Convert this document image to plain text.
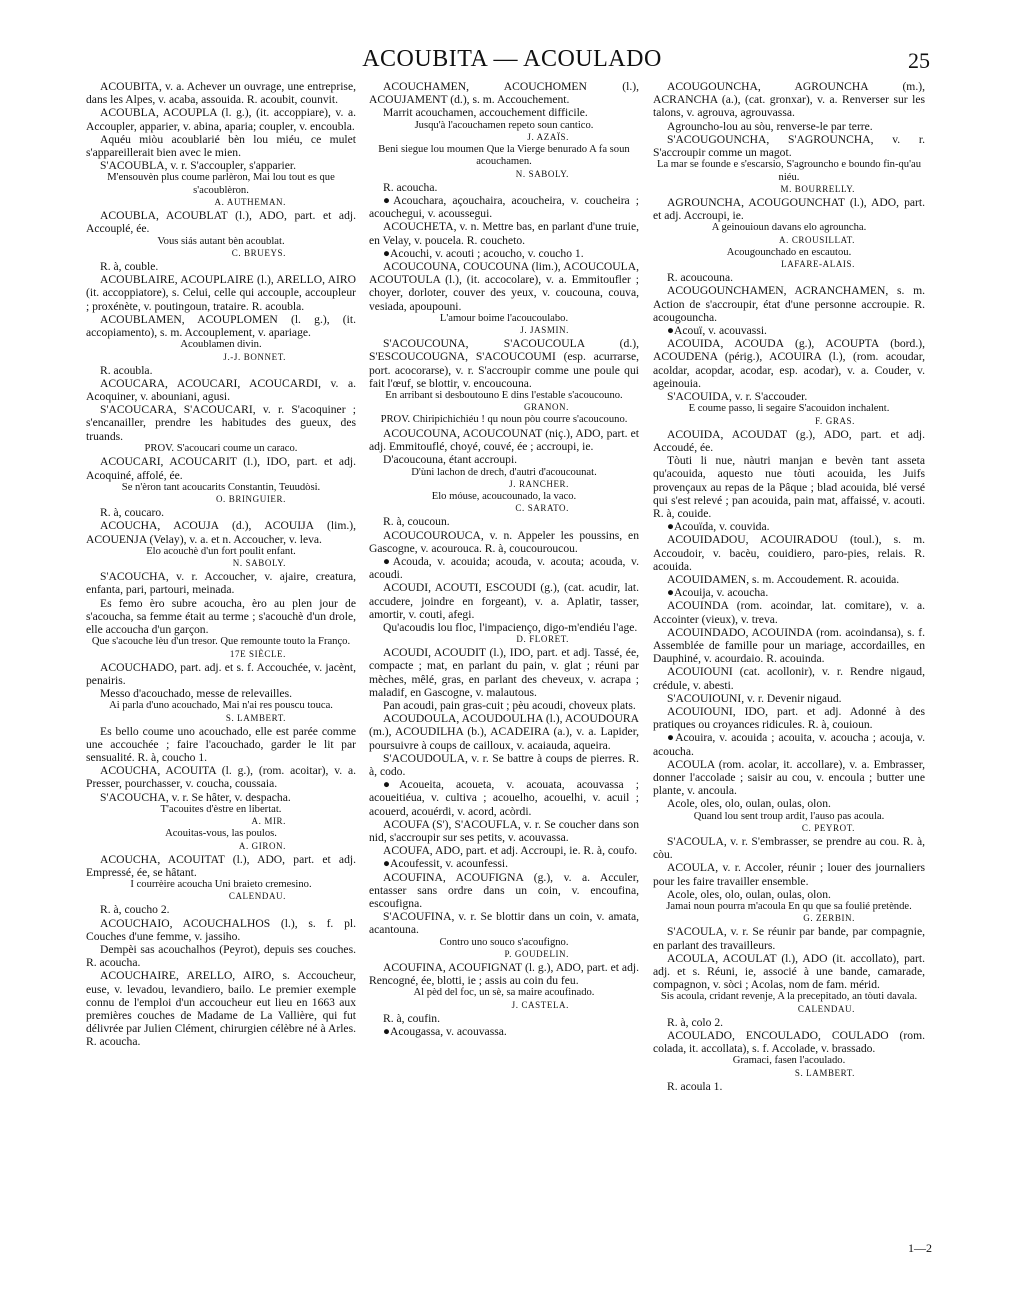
ACOUBITA — ACOULADO	25

ACOUBITA, v. a. Achever un ouvrage, une entreprise, dans les Alpes, v. acaba, assouida. R. acoubit, counvit.

ACOUBLA, ACOUPLA (l. g.), (it. accoppiare), v. a. Accoupler, apparier, v. abina, aparia; coupler, v. encoubla.

Aquéu miòu acoublarié bèn lou miéu, ce mulet s'appareillerait bien avec le mien.

S'ACOUBLA, v. r. S'accoupler, s'apparier.

M'ensouvèn plus coume parlèron, Mai lou tout es que s'acoublèron.

A. AUTHEMAN.

ACOUBLA, ACOUBLAT (l.), ADO, part. et adj. Accouplé, ée.

Vous siás autant bèn acoublat.

C. BRUEYS.

R. à, couble.

ACOUBLAIRE, ACOUPLAIRE (l.), ARELLO, AIRO (it. accoppiatore), s. Celui, celle qui accouple, accoupleur ; proxénète, v. poutingoun, trataire. R. acoubla.

ACOUBLAMEN, ACOUPLOMEN (l. g.), (it. accopiamento), s. m. Accouplement, v. apariage.

Acoublamen divin.

J.-J. BONNET.

R. acoubla.

ACOUCARA, ACOUCARI, ACOUCARDI, v. a. Acoquiner, v. abouniani, agusi.

S'ACOUCARA, S'ACOUCARI, v. r. S'acoquiner ; s'encanailler, prendre les habitudes des gueux, des truands.

PROV. S'acoucari coume un caraco.

ACOUCARI, ACOUCARIT (l.), IDO, part. et adj. Acoquiné, affolé, ée.

Se n'èron tant acoucarits Constantin, Teuudòsi.

O. BRINGUIER.

R. à, coucaro.

ACOUCHA, ACOUJA (d.), ACOUIJA (lim.), ACOUENJA (Velay), v. a. et n. Accoucher, v. leva.

Elo acouchè d'un fort poulit enfant.

N. SABOLY.

S'ACOUCHA, v. r. Accoucher, v. ajaire, creatura, enfanta, pari, partouri, meinada.

Es femo èro subre acoucha, èro au plen jour de s'acoucha, sa femme était au terme ; s'acouchè d'un drole, elle accoucha d'un garçon.

Que s'acouche lèu d'un tresor. Que remounte touto la Franço.

17E SIÈCLE.

ACOUCHADO, part. adj. et s. f. Accouchée, v. jacènt, penairis.

Messo d'acouchado, messe de relevailles.

Ai parla d'uno acouchado, Mai n'ai res pouscu touca.

S. LAMBERT.

Es bello coume uno acouchado, elle est parée comme une accouchée ; faire l'acouchado, garder le lit par sensualité. R. à, coucho 1.

ACOUCHA, ACOUITA (l. g.), (rom. acoitar), v. a. Presser, pourchasser, v. coucha, coussaia.

S'ACOUCHA, v. r. Se hâter, v. despacha.

T'acouites d'èstre en libertat.

A. MIR.

Acouitas-vous, las poulos.

A. GIRON.

ACOUCHA, ACOUITAT (l.), ADO, part. et adj. Empressé, ée, se hâtant.

I courrèire acoucha Uni braieto cremesino.

CALENDAU.

R. à, coucho 2.

ACOUCHAIO, ACOUCHALHOS (l.), s. f. pl. Couches d'une femme, v. jassiho.

Dempèi sas acouchalhos (Peyrot), depuis ses couches. R. acoucha.

ACOUCHAIRE, ARELLO, AIRO, s. Accoucheur, euse, v. levadou, levandiero, bailo. Le premier exemple connu de l'emploi d'un accoucheur eut lieu en 1663 aux premières couches de Madame de La Vallière, qui fut délivrée par Julien Clément, chirurgien célèbre né à Arles. R. acoucha.

ACOUCHAMEN, ACOUCHOMEN (l.), ACOUJAMENT (d.), s. m. Accouchement.

Marrit acouchamen, accouchement difficile.

Jusqu'à l'acouchamen repeto soun cantico.

J. AZAÏS.

Beni siegue lou moumen Que la Vierge benurado A fa soun acouchamen.

N. SABOLY.

R. acoucha.

●Acouchara, açouchaira, acoucheira, v. coucheira ; acouchegui, v. acoussegui.

ACOUCHETA, v. n. Mettre bas, en parlant d'une truie, en Velay, v. poucela. R. coucheto.

●Acouchi, v. acouti ; acoucho, v. coucho 1.

ACOUCOUNA, COUCOUNA (lim.), ACOUCOULA, ACOUTOULA (l.), (it. accocolare), v. a. Emmitoufler ; choyer, dorloter, couver des yeux, v. coucouna, couva, vesiada, apoupouni.

L'amour boime l'acoucoulabo.

J. JASMIN.

S'ACOUCOUNA, S'ACOUCOULA (d.), S'ESCOUCOUGNA, S'ACOUCOUMI (esp. acurrarse, port. acocorarse), v. r. S'accroupir comme une poule qui fait l'œuf, se blottir, v. encoucouna.

En arribant si desboutouno E dins l'estable s'acoucouno.

GRANON.

PROV. Chiripichichiéu ! qu noun pòu courre s'acoucouno.

ACOUCOUNA, ACOUCOUNAT (niç.), ADO, part. et adj. Emmitouflé, choyé, couvé, ée ; accroupi, ie.

D'acoucouna, étant accroupi.

D'ùni lachon de drech, d'autri d'acoucounat.

J. RANCHER.

Elo móuse, acoucounado, la vaco.

C. SARATO.

R. à, coucoun.

ACOUCOUROUCA, v. n. Appeler les poussins, en Gascogne, v. acourouca. R. à, coucouroucou.

●Acouda, v. acouida; acouda, v. acouta; acouda, v. acoudi.

ACOUDI, ACOUTI, ESCOUDI (g.), (cat. acudir, lat. accudere, joindre en forgeant), v. a. Aplatir, tasser, amortir, v. couti, afegi.

Qu'acoudis lou floc, l'impacienço, digo-m'endiéu l'age.

D. FLORET.

ACOUDI, ACOUDIT (l.), IDO, part. et adj. Tassé, ée, compacte ; mat, en parlant du pain, v. glat ; réuni par mèches, mêlé, gras, en parlant des cheveux, v. acrapa ; maladif, en Gascogne, v. malautous.

Pan acoudi, pain gras-cuit ; pèu acoudi, choveux plats.

ACOUDOULA, ACOUDOULHA (l.), ACOUDOURA (m.), ACOUDILHA (b.), ACADEIRA (a.), v. a. Lapider, poursuivre à coups de cailloux, v. acaiauda, aqueira.

S'ACOUDOULA, v. r. Se battre à coups de pierres. R. à, codo.

●Acoueita, acoueta, v. acouata, acouvassa ; acoueitiéua, v. cultiva ; acouelho, acouelhi, v. acuil ; acouerd, acouérdi, v. acord, acòrdi.

ACOUFA (S'), S'ACOUFLA, v. r. Se coucher dans son nid, s'accroupir sur ses petits, v. acouvassa.

ACOUFA, ADO, part. et adj. Accroupi, ie. R. à, coufo.

●Acoufessit, v. acounfessi.

ACOUFINA, ACOUFIGNA (g.), v. a. Acculer, entasser sans ordre dans un coin, v. encoufina, escoufigna.

S'ACOUFINA, v. r. Se blottir dans un coin, v. amata, acantouna.

Contro uno souco s'acoufigno.

P. GOUDELIN.

ACOUFINA, ACOUFIGNAT (l. g.), ADO, part. et adj. Rencogné, ée, blotti, ie ; assis au coin du feu.

Al pèd del foc, un sè, sa maire acoufinado.

J. CASTELA.

R. à, coufin.

●Acougassa, v. acouvassa.

ACOUGOUNCHA, AGROUNCHA (m.), ACRANCHA (a.), (cat. gronxar), v. a. Renverser sur les talons, v. agrouva, agrouvassa.

Agrouncho-lou au sòu, renverse-le par terre.

S'ACOUGOUNCHA, S'AGROUNCHA, v. r. S'accroupir comme un magot.

La mar se founde e s'escarsio, S'agrouncho e boundo fin-qu'au niéu.

M. BOURRELLY.

AGROUNCHA, ACOUGOUNCHAT (l.), ADO, part. et adj. Accroupi, ie.

A geinouioun davans elo agrouncha.

A. CROUSILLAT.

Acougounchado en escautou.

LAFARE-ALAIS.

R. acoucouna.

ACOUGOUNCHAMEN, ACRANCHAMEN, s. m. Action de s'accroupir, état d'une personne accroupie. R. acougouncha.

●Acouï, v. acouvassi.

ACOUIDA, ACOUDA (g.), ACOUPTA (bord.), ACOUDENA (périg.), ACOUIRA (l.), (rom. acoudar, acoldar, acopdar, acodar, esp. acodar), v. a. Couder, v. ageinouia.

S'ACOUIDA, v. r. S'accouder.

E coume passo, li segaire S'acouidon inchalent.

F. GRAS.

ACOUIDA, ACOUDAT (g.), ADO, part. et adj. Accoudé, ée.

Tòuti li nue, nàutri manjan e bevèn tant asseta qu'acouida, aquesto nue tòuti acouida, les Juifs provençaux au repas de la Pâque ; blad acouida, blé versé qui s'est relevé ; pan acouida, pain mat, affaissé, v. acouti. R. à, couide.

●Acouïda, v. couvida.

ACOUIDADOU, ACOUIRADOU (toul.), s. m. Accoudoir, v. bacèu, couidiero, paro-pies, relais. R. acouida.

ACOUIDAMEN, s. m. Accoudement. R. acouida.

●Acouija, v. acoucha.

ACOUINDA (rom. acoindar, lat. comitare), v. a. Accointer (vieux), v. treva.

ACOUINDADO, ACOUINDA (rom. acoindansa), s. f. Assemblée de famille pour un mariage, accordailles, en Dauphiné, v. acourdaio. R. acouinda.

ACOUIOUNI (cat. acollonir), v. r. Rendre nigaud, crédule, v. abesti.

S'ACOUIOUNI, v. r. Devenir nigaud.

ACOUIOUNI, IDO, part. et adj. Adonné à des pratiques ou croyances ridicules. R. à, couioun.

●Acouira, v. acouida ; acouita, v. acoucha ; acouja, v. acoucha.

ACOULA (rom. acolar, it. accollare), v. a. Embrasser, donner l'accolade ; saisir au cou, v. encoula ; butter une plante, v. ancoula.

Acole, oles, olo, oulan, oulas, olon.

Quand lou sent troup ardit, l'auso pas acoula.

C. PEYROT.

S'ACOULA, v. r. S'embrasser, se prendre au cou. R. à, còu.

ACOULA, v. r. Accoler, réunir ; louer des journaliers pour les faire travailler ensemble.

Acole, oles, olo, oulan, oulas, olon.

Jamai noun pourra m'acoula En qu que sa foulié pretènde.

G. ZERBIN.

S'ACOULA, v. r. Se réunir par bande, par compagnie, en parlant des travailleurs.

ACOULA, ACOULAT (l.), ADO (it. accollato), part. adj. et s. Réuni, ie, associé à une bande, camarade, compagnon, v. sòci ; Acolas, nom de fam. mérid.

Sis acoula, cridant revenje, A la precepitado, an tòuti davala.

CALENDAU.

R. à, colo 2.

ACOULADO, ENCOULADO, COULADO (rom. colada, it. accollata), s. f. Accolade, v. brassado.

Gramaci, fasen l'acoulado.

S. LAMBERT.

R. acoula 1.

1—2
